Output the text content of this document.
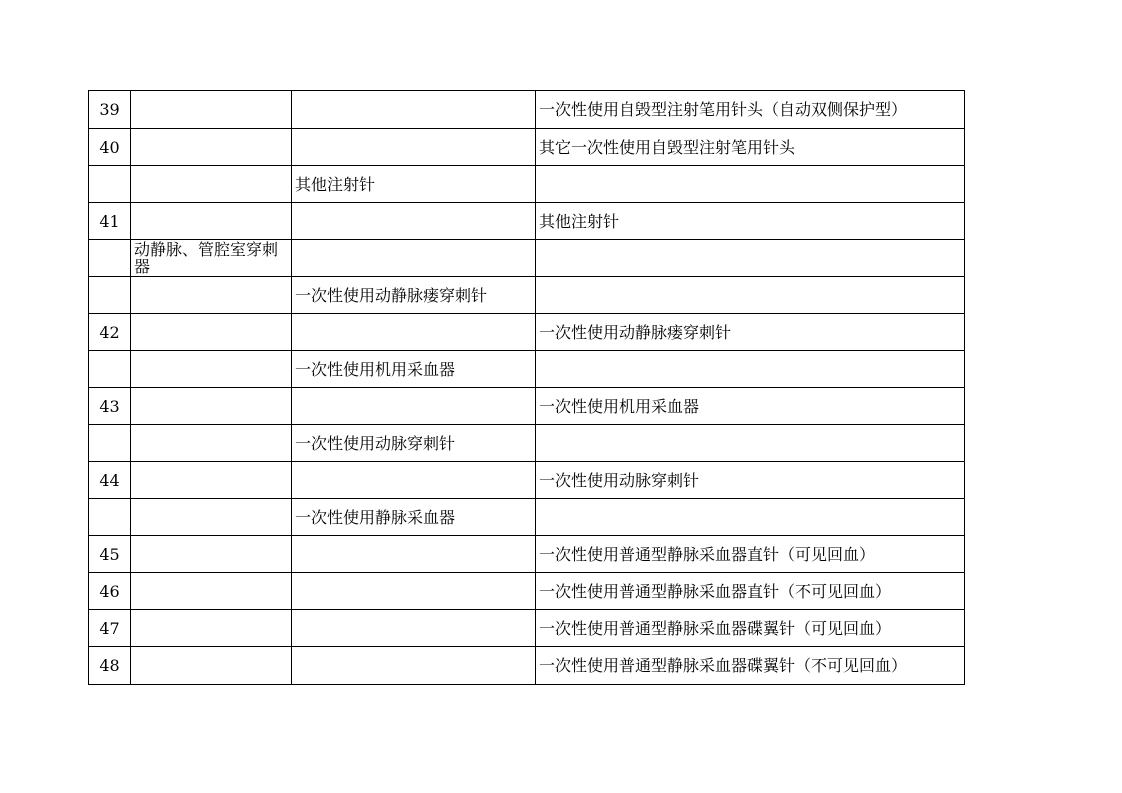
39			一次性使用自毁型注射笔用针头（自动双侧保护型）
40			其它一次性使用自毁型注射笔用针头
		其他注射针	
41			其他注射针
	动静脉、管腔室穿刺器		
		一次性使用动静脉瘘穿刺针	
42			一次性使用动静脉瘘穿刺针
		一次性使用机用采血器	
43			一次性使用机用采血器
		一次性使用动脉穿刺针	
44			一次性使用动脉穿刺针
		一次性使用静脉采血器	
45			一次性使用普通型静脉采血器直针（可见回血）
46			一次性使用普通型静脉采血器直针（不可见回血）
47			一次性使用普通型静脉采血器碟翼针（可见回血）
48			一次性使用普通型静脉采血器碟翼针（不可见回血）
